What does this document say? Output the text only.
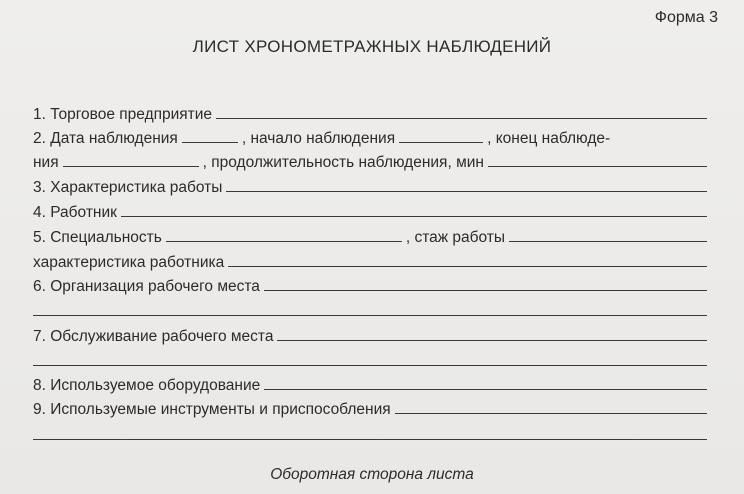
Форма 3
ЛИСТ ХРОНОМЕТРАЖНЫХ НАБЛЮДЕНИЙ
1. Торговое предприятие
2. Дата наблюдения	, начало наблюдения	, конец наблюде-
ния	, продолжительность наблюдения, мин
3. Характеристика работы
4. Работник
5. Специальность	, стаж работы
характеристика работника
6. Организация рабочего места
7. Обслуживание рабочего места
8. Используемое оборудование
9. Используемые инструменты и приспособления
Оборотная сторона листа
